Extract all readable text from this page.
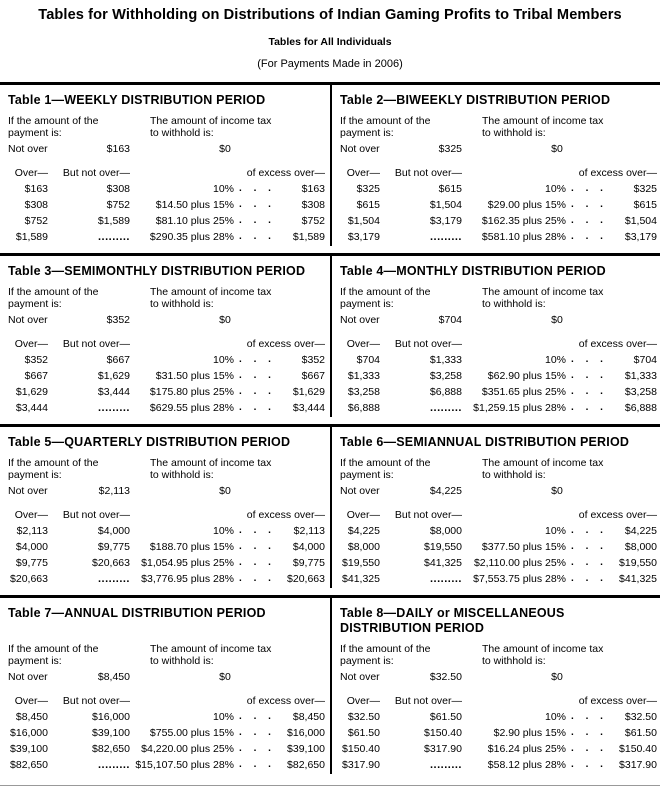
Tables for Withholding on Distributions of Indian Gaming Profits to Tribal Members
Tables for All Individuals
(For Payments Made in 2006)
Table 1—WEEKLY DISTRIBUTION PERIOD
If the amount of the
payment is:
The amount of income tax
to withhold is:
Not over	$163	$0
Over—	But not over—	of excess over—
$163	$308	10% . . .	$163
$308	$752	$14.50 plus 15% . . .	$308
$752	$1,589	$81.10 plus 25% . . .	$752
$1,589	.........	$290.35 plus 28% . . .	$1,589
Table 2—BIWEEKLY DISTRIBUTION PERIOD
If the amount of the
payment is:
The amount of income tax
to withhold is:
Not over	$325	$0
Over—	But not over—	of excess over—
$325	$615	10% . . .	$325
$615	$1,504	$29.00 plus 15% . . .	$615
$1,504	$3,179	$162.35 plus 25% . . .	$1,504
$3,179	.........	$581.10 plus 28% . . .	$3,179
Table 3—SEMIMONTHLY DISTRIBUTION PERIOD
If the amount of the
payment is:
The amount of income tax
to withhold is:
Not over	$352	$0
Over—	But not over—	of excess over—
$352	$667	10% . . .	$352
$667	$1,629	$31.50 plus 15% . . .	$667
$1,629	$3,444	$175.80 plus 25% . . .	$1,629
$3,444	.........	$629.55 plus 28% . . .	$3,444
Table 4—MONTHLY DISTRIBUTION PERIOD
If the amount of the
payment is:
The amount of income tax
to withhold is:
Not over	$704	$0
Over—	But not over—	of excess over—
$704	$1,333	10% . . .	$704
$1,333	$3,258	$62.90 plus 15% . . .	$1,333
$3,258	$6,888	$351.65 plus 25% . . .	$3,258
$6,888	.........	$1,259.15 plus 28% . . .	$6,888
Table 5—QUARTERLY DISTRIBUTION PERIOD
If the amount of the
payment is:
The amount of income tax
to withhold is:
Not over	$2,113	$0
Over—	But not over—	of excess over—
$2,113	$4,000	10% . . .	$2,113
$4,000	$9,775	$188.70 plus 15% . . .	$4,000
$9,775	$20,663	$1,054.95 plus 25% . . .	$9,775
$20,663	.........	$3,776.95 plus 28% . . .	$20,663
Table 6—SEMIANNUAL DISTRIBUTION PERIOD
If the amount of the
payment is:
The amount of income tax
to withhold is:
Not over	$4,225	$0
Over—	But not over—	of excess over—
$4,225	$8,000	10% . . .	$4,225
$8,000	$19,550	$377.50 plus 15% . . .	$8,000
$19,550	$41,325	$2,110.00 plus 25% . . .	$19,550
$41,325	.........	$7,553.75 plus 28% . . .	$41,325
Table 7—ANNUAL DISTRIBUTION PERIOD
If the amount of the
payment is:
The amount of income tax
to withhold is:
Not over	$8,450	$0
Over—	But not over—	of excess over—
$8,450	$16,000	10% . . .	$8,450
$16,000	$39,100	$755.00 plus 15% . . .	$16,000
$39,100	$82,650	$4,220.00 plus 25% . . .	$39,100
$82,650	......... $15,107.50 plus 28% . . .	$82,650
Table 8—DAILY or MISCELLANEOUS DISTRIBUTION PERIOD
If the amount of the
payment is:
The amount of income tax
to withhold is:
Not over	$32.50	$0
Over—	But not over—	of excess over—
$32.50	$61.50	10% . . .	$32.50
$61.50	$150.40	$2.90 plus 15% . . .	$61.50
$150.40	$317.90	$16.24 plus 25% . . .	$150.40
$317.90	.........	$58.12 plus 28% . . .	$317.90
